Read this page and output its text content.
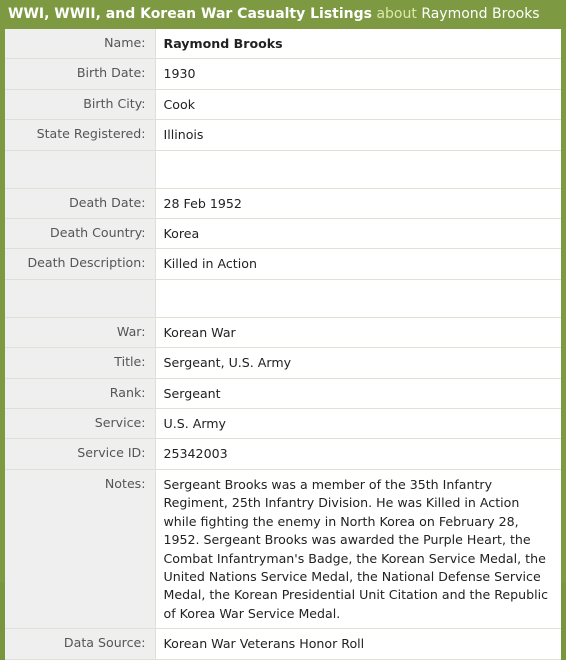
WWI, WWII, and Korean War Casualty Listings about Raymond Brooks
Name:	Raymond Brooks
Birth Date:	1930
Birth City:	Cook
State Registered:	Illinois

Death Date:	28 Feb 1952
Death Country:	Korea
Death Description:	Killed in Action

War:	Korean War
Title:	Sergeant, U.S. Army
Rank:	Sergeant
Service:	U.S. Army
Service ID:	25342003
Notes:	Sergeant Brooks was a member of the 35th Infantry Regiment, 25th Infantry Division. He was Killed in Action while fighting the enemy in North Korea on February 28, 1952. Sergeant Brooks was awarded the Purple Heart, the Combat Infantryman's Badge, the Korean Service Medal, the United Nations Service Medal, the National Defense Service Medal, the Korean Presidential Unit Citation and the Republic of Korea War Service Medal.
Data Source:	Korean War Veterans Honor Roll
